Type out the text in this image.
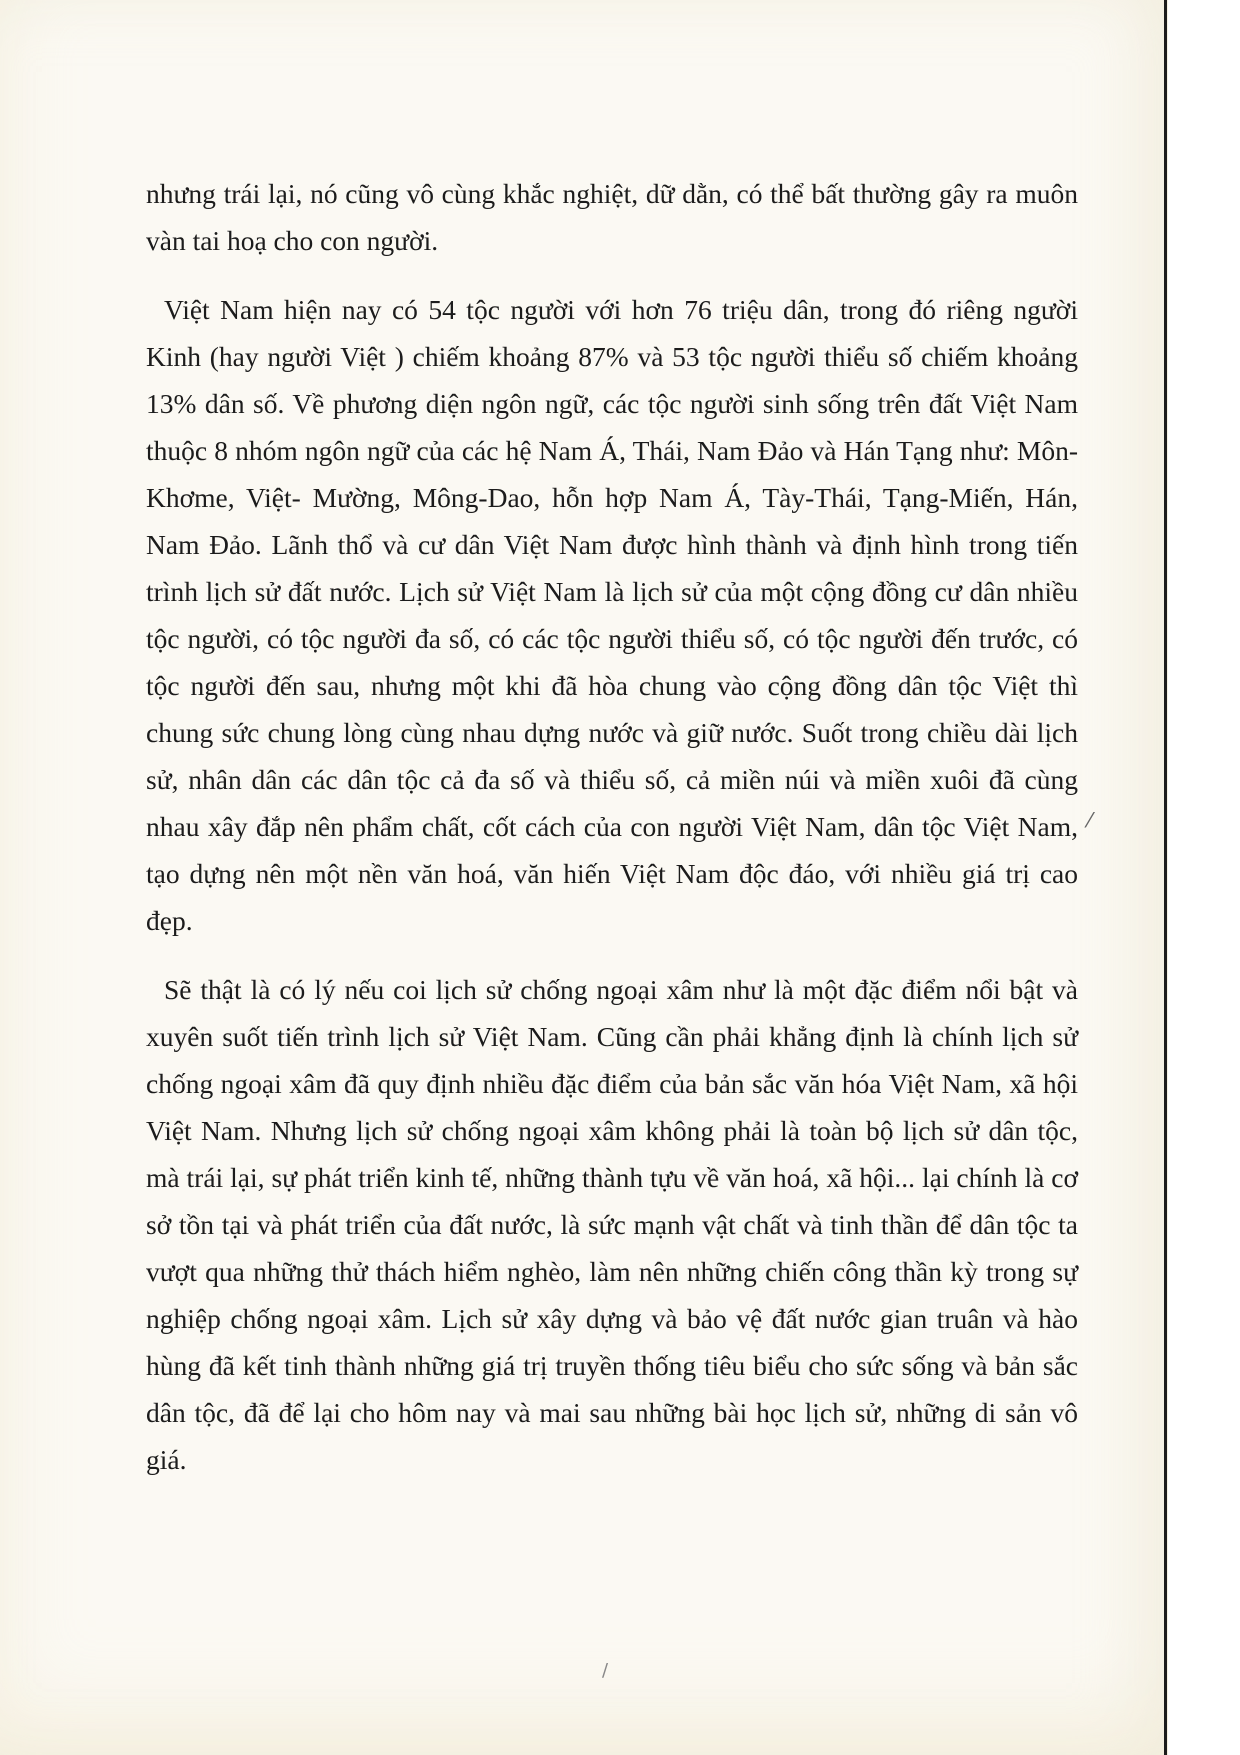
nhưng trái lại, nó cũng vô cùng khắc nghiệt, dữ dằn, có thể bất thường gây ra muôn vàn tai hoạ cho con người.

Việt Nam hiện nay có 54 tộc người với hơn 76 triệu dân, trong đó riêng người Kinh (hay người Việt ) chiếm khoảng 87% và 53 tộc người thiểu số chiếm khoảng 13% dân số. Về phương diện ngôn ngữ, các tộc người sinh sống trên đất Việt Nam thuộc 8 nhóm ngôn ngữ của các hệ Nam Á, Thái, Nam Đảo và Hán Tạng như: Môn- Khơme, Việt- Mường, Mông-Dao, hỗn hợp Nam Á, Tày-Thái, Tạng-Miến, Hán, Nam Đảo. Lãnh thổ và cư dân Việt Nam được hình thành và định hình trong tiến trình lịch sử đất nước. Lịch sử Việt Nam là lịch sử của một cộng đồng cư dân nhiều tộc người, có tộc người đa số, có các tộc người thiểu số, có tộc người đến trước, có tộc người đến sau, nhưng một khi đã hòa chung vào cộng đồng dân tộc Việt thì chung sức chung lòng cùng nhau dựng nước và giữ nước. Suốt trong chiều dài lịch sử, nhân dân các dân tộc cả đa số và thiểu số, cả miền núi và miền xuôi đã cùng nhau xây đắp nên phẩm chất, cốt cách của con người Việt Nam, dân tộc Việt Nam, tạo dựng nên một nền văn hoá, văn hiến Việt Nam độc đáo, với nhiều giá trị cao đẹp.

Sẽ thật là có lý nếu coi lịch sử chống ngoại xâm như là một đặc điểm nổi bật và xuyên suốt tiến trình lịch sử Việt Nam. Cũng cần phải khẳng định là chính lịch sử chống ngoại xâm đã quy định nhiều đặc điểm của bản sắc văn hóa Việt Nam, xã hội Việt Nam. Nhưng lịch sử chống ngoại xâm không phải là toàn bộ lịch sử dân tộc, mà trái lại, sự phát triển kinh tế, những thành tựu về văn hoá, xã hội... lại chính là cơ sở tồn tại và phát triển của đất nước, là sức mạnh vật chất và tinh thần để dân tộc ta vượt qua những thử thách hiểm nghèo, làm nên những chiến công thần kỳ trong sự nghiệp chống ngoại xâm. Lịch sử xây dựng và bảo vệ đất nước gian truân và hào hùng đã kết tinh thành những giá trị truyền thống tiêu biểu cho sức sống và bản sắc dân tộc, đã để lại cho hôm nay và mai sau những bài học lịch sử, những di sản vô giá.

⁄
/
